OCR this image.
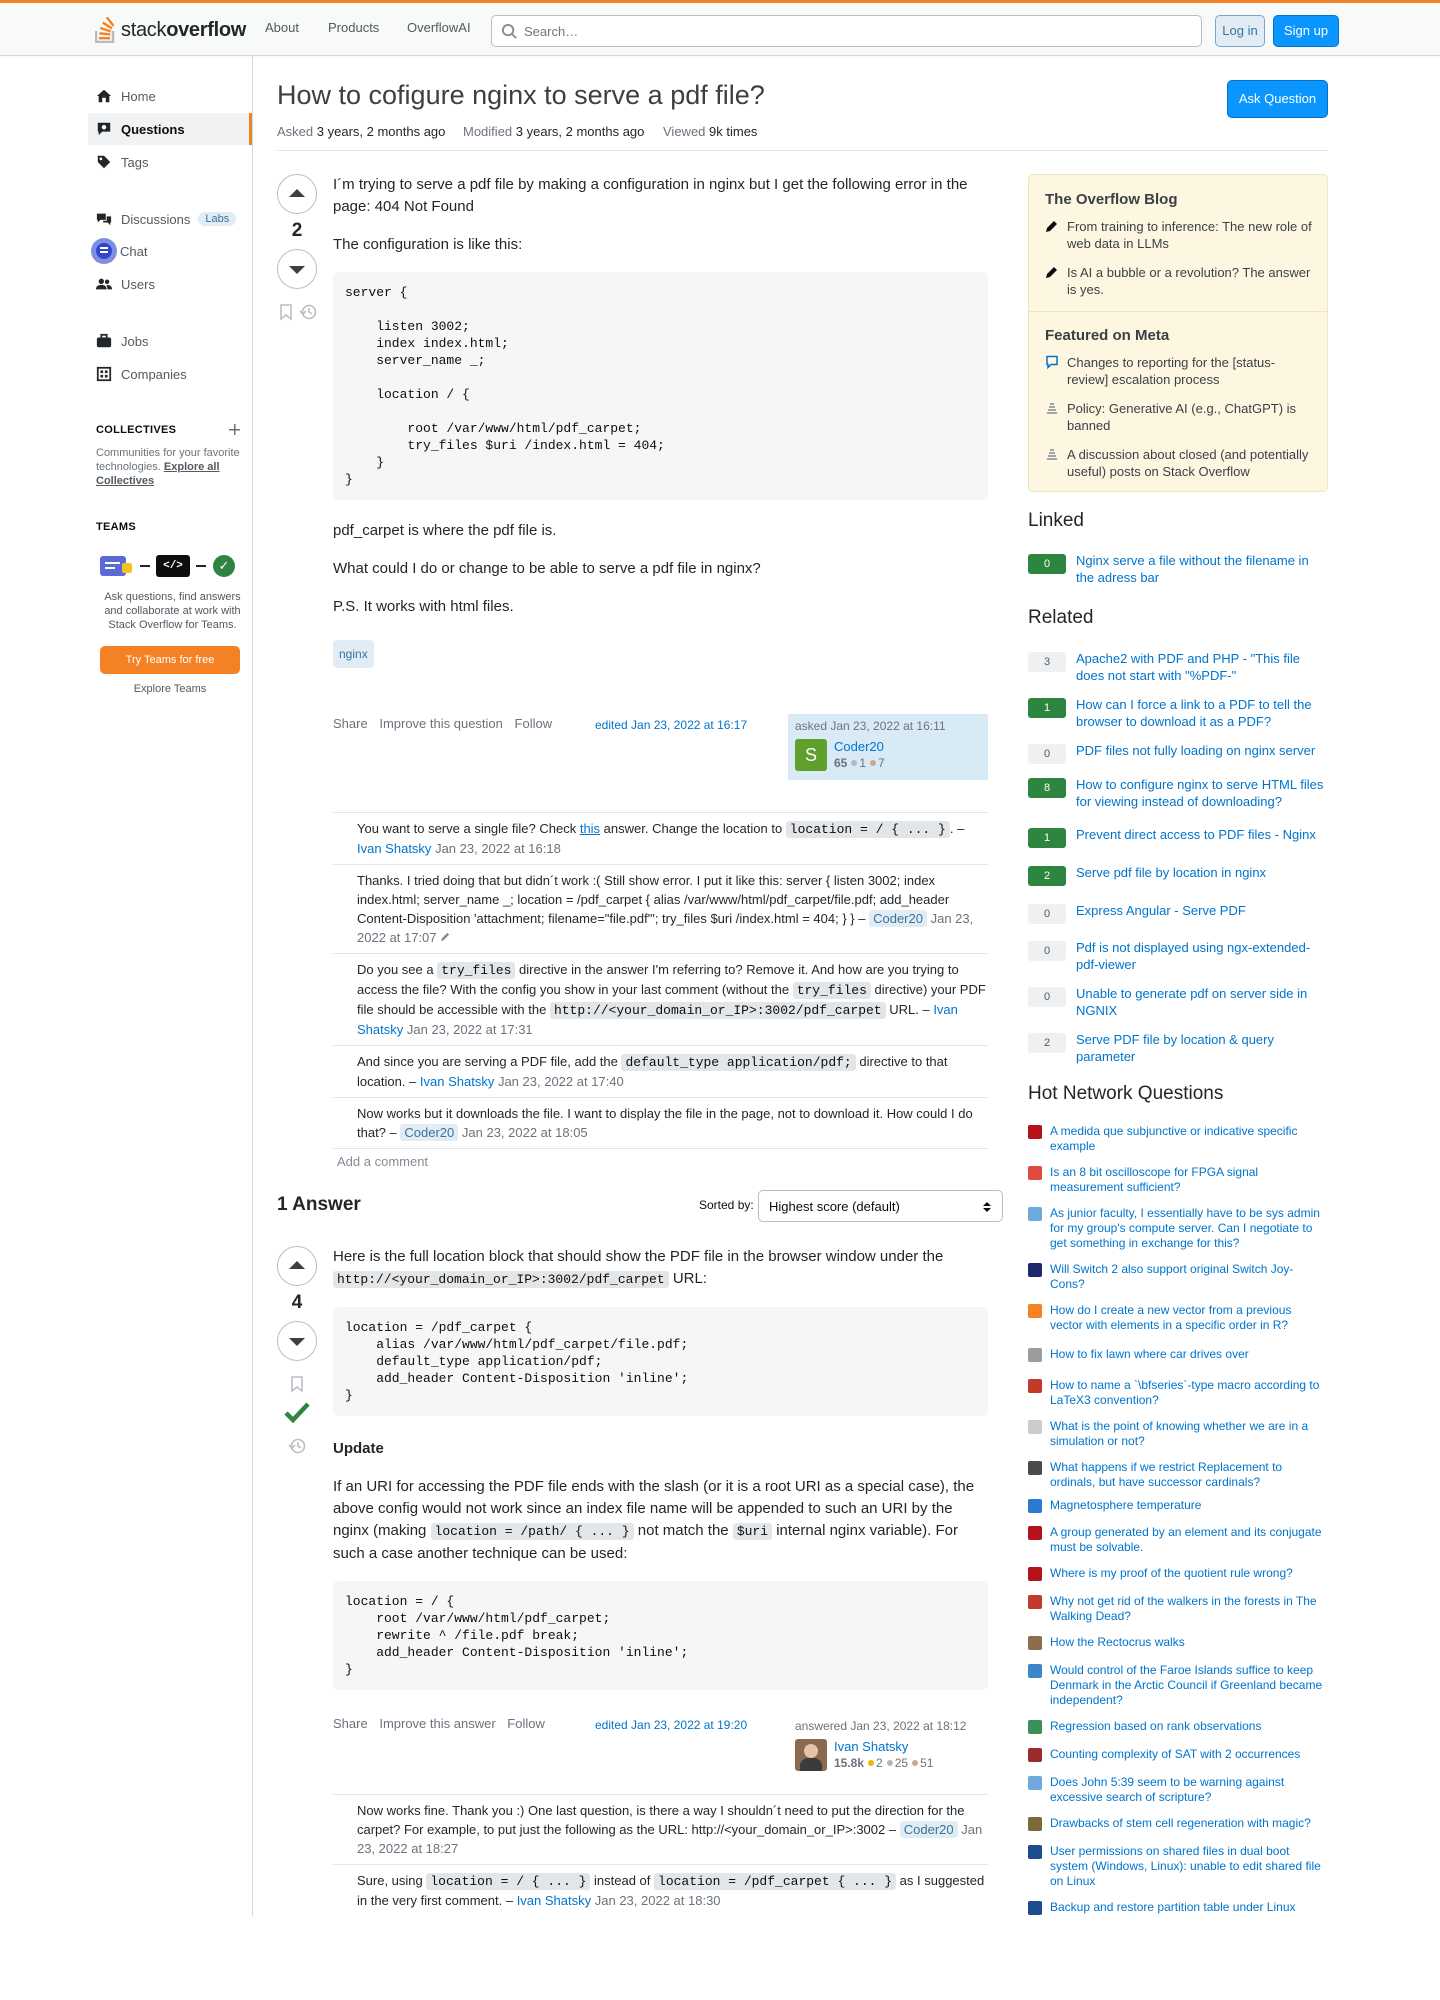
stackoverflow About Products OverflowAI
Search…	Log in	Sign up
Home
Questions
Tags
Discussions	Labs
Chat
Users
Jobs
Companies
COLLECTIVES
Communities for your favorite technologies. Explore all Collectives
TEAMS
</>	✓
Ask questions, find answers and collaborate at work with Stack Overflow for Teams.
Try Teams for free
Explore Teams
How to cofigure nginx to serve a pdf file?	Ask Question
Asked 3 years, 2 months ago Modified 3 years, 2 months ago Viewed 9k times
2

I´m trying to serve a pdf file by making a configuration in nginx but I get the following error in the page: 404 Not Found

The configuration is like this:

server {

listen 3002;
index index.html;
server_name _;

location / {

root /var/www/html/pdf_carpet;
try_files $uri /index.html = 404;
}
}

pdf_carpet is where the pdf file is.

What could I do or change to be able to serve a pdf file in nginx?

P.S. It works with html files.

nginx
Share Improve this question Follow	edited Jan 23, 2022 at 16:17	asked Jan 23, 2022 at 16:11
S	Coder20
65 1 7
You want to serve a single file? Check this answer. Change the location to location = / { ... } . – Ivan Shatsky Jan 23, 2022 at 16:18
Thanks. I tried doing that but didn´t work :( Still show error. I put it like this: server { listen 3002; index index.html; server_name _; location = /pdf_carpet { alias /var/www/html/pdf_carpet/file.pdf; add_header Content-Disposition 'attachment; filename="file.pdf"'; try_files $uri /index.html = 404; } } – Coder20 Jan 23, 2022 at 17:07
Do you see a try_files directive in the answer I'm referring to? Remove it. And how are you trying to access the file? With the config you show in your last comment (without the try_files directive) your PDF file should be accessible with the http://<your_domain_or_IP>:3002/pdf_carpet URL. – Ivan Shatsky Jan 23, 2022 at 17:31
And since you are serving a PDF file, add the default_type application/pdf; directive to that location. – Ivan Shatsky Jan 23, 2022 at 17:40
Now works but it downloads the file. I want to display the file in the page, not to download it. How could I do that? – Coder20 Jan 23, 2022 at 18:05
Add a comment
1 Answer	Sorted by:	Highest score (default)
4

Here is the full location block that should show the PDF file in the browser window under the http://<your_domain_or_IP>:3002/pdf_carpet URL:

location = /pdf_carpet {
alias /var/www/html/pdf_carpet/file.pdf;
default_type application/pdf;
add_header Content-Disposition 'inline';
}

Update

If an URI for accessing the PDF file ends with the slash (or it is a root URI as a special case), the above config would not work since an index file name will be appended to such an URI by the nginx (making location = /path/ { ... } not match the $uri internal nginx variable). For such a case another technique can be used:

location = / {
root /var/www/html/pdf_carpet;
rewrite ^ /file.pdf break;
add_header Content-Disposition 'inline';
}
Share Improve this answer Follow	edited Jan 23, 2022 at 19:20	answered Jan 23, 2022 at 18:12
Ivan Shatsky
15.8k 2 25 51
Now works fine. Thank you :) One last question, is there a way I shouldn´t need to put the direction for the carpet? For example, to put just the following as the URL: http://<your_domain_or_IP>:3002 – Coder20 Jan 23, 2022 at 18:27
Sure, using location = / { ... } instead of location = /pdf_carpet { ... } as I suggested in the very first comment. – Ivan Shatsky Jan 23, 2022 at 18:30
The Overflow Blog
From training to inference: The new role of web data in LLMs
Is AI a bubble or a revolution? The answer is yes.
Featured on Meta
Changes to reporting for the [status-review] escalation process
Policy: Generative AI (e.g., ChatGPT) is banned
A discussion about closed (and potentially useful) posts on Stack Overflow
Linked
0	Nginx serve a file without the filename in the adress bar
Related
3	Apache2 with PDF and PHP - "This file does not start with "%PDF-"
1	How can I force a link to a PDF to tell the browser to download it as a PDF?
0	PDF files not fully loading on nginx server
8	How to configure nginx to serve HTML files for viewing instead of downloading?
1	Prevent direct access to PDF files - Nginx
2	Serve pdf file by location in nginx
0	Express Angular - Serve PDF
0	Pdf is not displayed using ngx-extended-pdf-viewer
0	Unable to generate pdf on server side in NGNIX
2	Serve PDF file by location & query parameter
Hot Network Questions
A medida que subjunctive or indicative specific example
Is an 8 bit oscilloscope for FPGA signal measurement sufficient?
As junior faculty, I essentially have to be sys admin for my group's compute server. Can I negotiate to get something in exchange for this?
Will Switch 2 also support original Switch Joy-Cons?
How do I create a new vector from a previous vector with elements in a specific order in R?
How to fix lawn where car drives over
How to name a `\bfseries`-type macro according to LaTeX3 convention?
What is the point of knowing whether we are in a simulation or not?
What happens if we restrict Replacement to ordinals, but have successor cardinals?
Magnetosphere temperature
A group generated by an element and its conjugate must be solvable.
Where is my proof of the quotient rule wrong?
Why not get rid of the walkers in the forests in The Walking Dead?
How the Rectocrus walks
Would control of the Faroe Islands suffice to keep Denmark in the Arctic Council if Greenland became independent?
Regression based on rank observations
Counting complexity of SAT with 2 occurrences
Does John 5:39 seem to be warning against excessive search of scripture?
Drawbacks of stem cell regeneration with magic?
User permissions on shared files in dual boot system (Windows, Linux): unable to edit shared file on Linux
Backup and restore partition table under Linux
